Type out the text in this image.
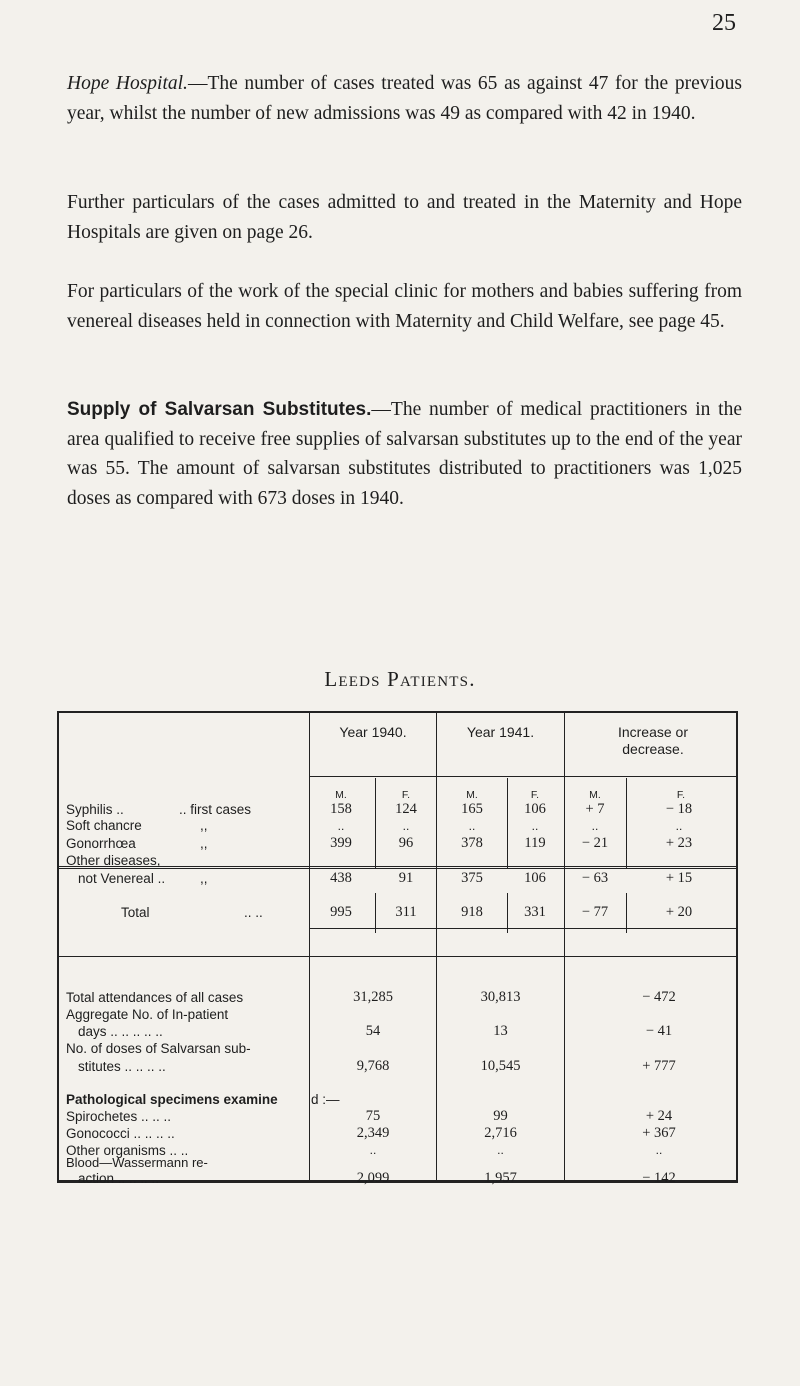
25

Hope Hospital.—The number of cases treated was 65 as against 47 for the previous year, whilst the number of new admissions was 49 as compared with 42 in 1940.

Further particulars of the cases admitted to and treated in the Maternity and Hope Hospitals are given on page 26.

For particulars of the work of the special clinic for mothers and babies suffering from venereal diseases held in connection with Maternity and Child Welfare, see page 45.

Supply of Salvarsan Substitutes.—The number of medical practitioners in the area qualified to receive free supplies of salvarsan substitutes up to the end of the year was 55. The amount of salvarsan substitutes distributed to practitioners was 1,025 doses as compared with 673 doses in 1940.

Leeds Patients.
Year 1940.	Year 1941.	Increase or decrease.
M.	F.	M.	F.	M.	F.
Syphilis ..	.. first cases	158	124	165	106	+ 7	− 18
Soft chancre	,,	..	..	..	..	..	..
Gonorrhœa	,,	399	96	378	119	− 21	+ 23
Other diseases,
not Venereal ..	,,	438	91	375	106	− 63	+ 15
Total	.. ..	995	311	918	331	− 77	+ 20
Total attendances of all cases	31,285	30,813	− 472
Aggregate No. of In-patient
days .. .. .. .. ..	54	13	− 41
No. of doses of Salvarsan sub-
stitutes .. .. .. ..	9,768	10,545	+ 777
Pathological specimens examine d :—
Spirochetes .. .. ..	75	99	+ 24
Gonococci .. .. .. ..	2,349	2,716	+ 367
Other organisms .. ..	..	..	..
Blood—Wassermann re-
action .. .. .. ..	2,099	1,957	− 142
